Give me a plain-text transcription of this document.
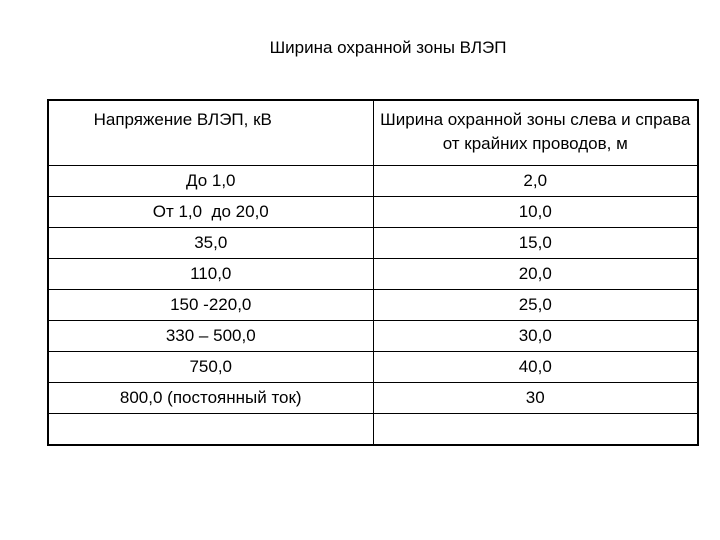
Ширина охранной зоны ВЛЭП
Напряжение ВЛЭП, кВ	Ширина охранной зоны слева и справа от крайних проводов, м
До 1,0	2,0
От 1,0  до 20,0	10,0
35,0	15,0
110,0	20,0
150 -220,0	25,0
330 – 500,0	30,0
750,0	40,0
800,0 (постоянный ток)	30
